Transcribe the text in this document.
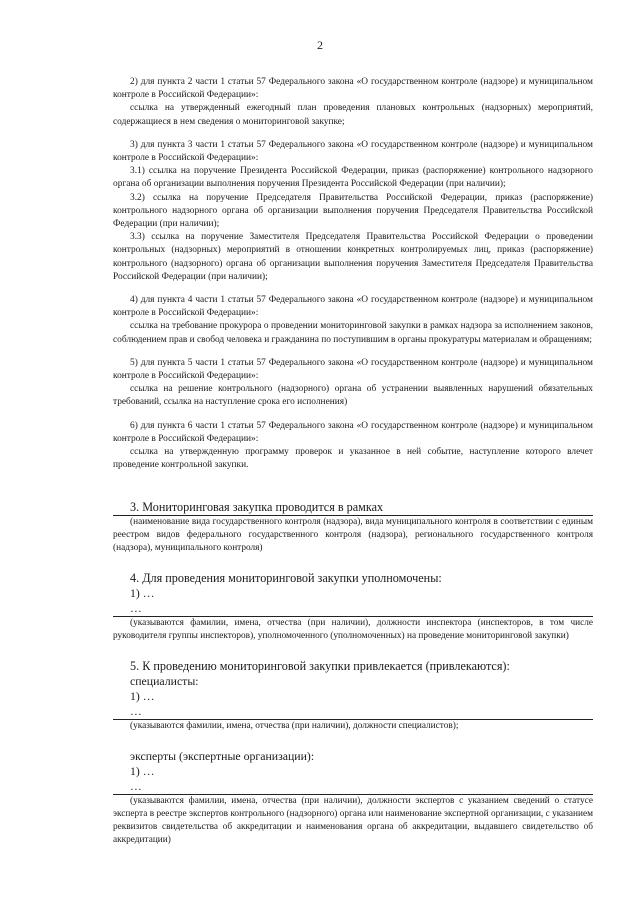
2

2) для пункта 2 части 1 статьи 57 Федерального закона «О государственном контроле (надзоре) и муниципальном контроле в Российской Федерации»:

ссылка на утвержденный ежегодный план проведения плановых контрольных (надзорных) мероприятий, содержащиеся в нем сведения о мониторинговой закупке;

3) для пункта 3 части 1 статьи 57 Федерального закона «О государственном контроле (надзоре) и муниципальном контроле в Российской Федерации»:

3.1) ссылка на поручение Президента Российской Федерации, приказ (распоряжение) контрольного надзорного органа об организации выполнения поручения Президента Российской Федерации (при наличии);

3.2) ссылка на поручение Председателя Правительства Российской Федерации, приказ (распоряжение) контрольного надзорного органа об организации выполнения поручения Председателя Правительства Российской Федерации (при наличии);

3.3) ссылка на поручение Заместителя Председателя Правительства Российской Федерации о проведении контрольных (надзорных) мероприятий в отношении конкретных контролируемых лиц, приказ (распоряжение) контрольного (надзорного) органа об организации выполнения поручения Заместителя Председателя Правительства Российской Федерации (при наличии);

4) для пункта 4 части 1 статьи 57 Федерального закона «О государственном контроле (надзоре) и муниципальном контроле в Российской Федерации»:

ссылка на требование прокурора о проведении мониторинговой закупки в рамках надзора за исполнением законов, соблюдением прав и свобод человека и гражданина по поступившим в органы прокуратуры материалам и обращениям;

5) для пункта 5 части 1 статьи 57 Федерального закона «О государственном контроле (надзоре) и муниципальном контроле в Российской Федерации»:

ссылка на решение контрольного (надзорного) органа об устранении выявленных нарушений обязательных требований, ссылка на наступление срока его исполнения)

6) для пункта 6 части 1 статьи 57 Федерального закона «О государственном контроле (надзоре) и муниципальном контроле в Российской Федерации»:

ссылка на утвержденную программу проверок и указанное в ней событие, наступление которого влечет проведение контрольной закупки.

3. Мониторинговая закупка проводится в рамках

(наименование вида государственного контроля (надзора), вида муниципального контроля в соответствии с единым реестром видов федерального государственного контроля (надзора), регионального государственного контроля (надзора), муниципального контроля)

4. Для проведения мониторинговой закупки уполномочены:

1) …

…

(указываются фамилии, имена, отчества (при наличии), должности инспектора (инспекторов, в том числе руководителя группы инспекторов), уполномоченного (уполномоченных) на проведение мониторинговой закупки)

5. К проведению мониторинговой закупки привлекается (привлекаются):

специалисты:

1) …

…

(указываются фамилии, имена, отчества (при наличии), должности специалистов);

эксперты (экспертные организации):

1) …

…

(указываются фамилии, имена, отчества (при наличии), должности экспертов с указанием сведений о статусе эксперта в реестре экспертов контрольного (надзорного) органа или наименование экспертной организации, с указанием реквизитов свидетельства об аккредитации и наименования органа об аккредитации, выдавшего свидетельство об аккредитации)
